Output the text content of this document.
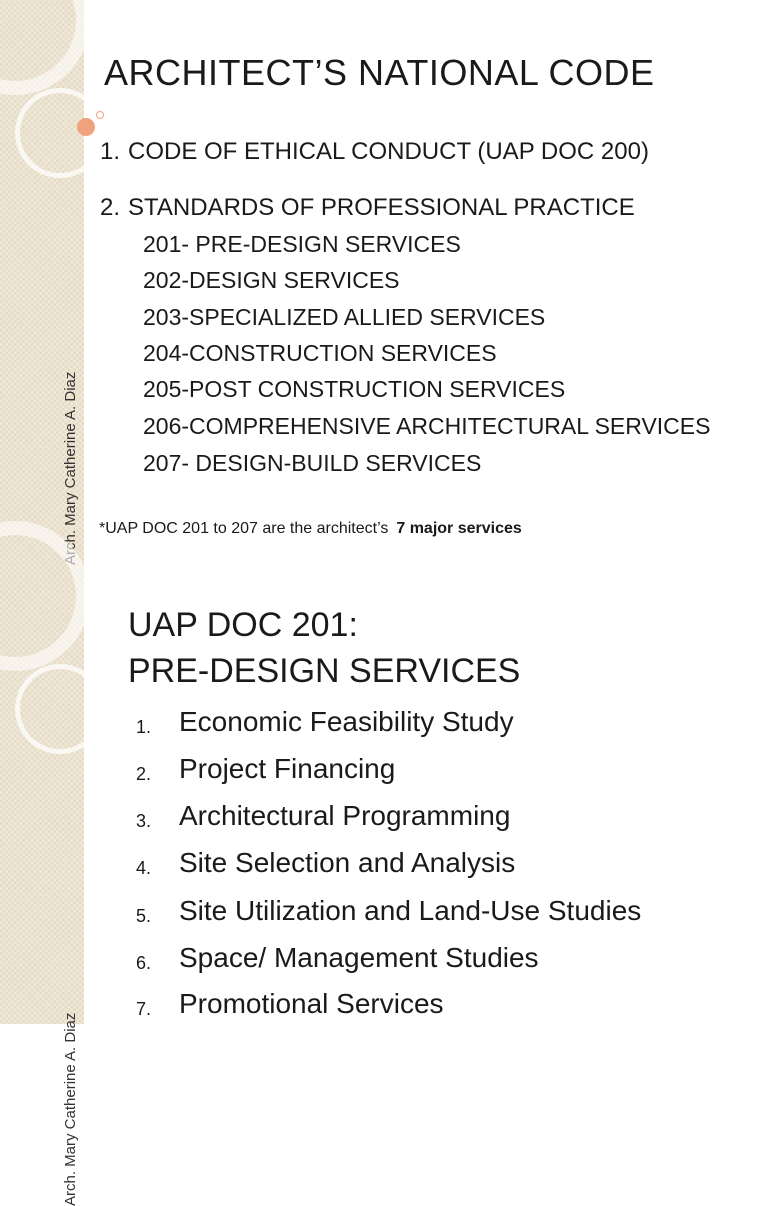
Arch. Mary Catherine A. Diaz
ARCHITECT’S NATIONAL CODE
1. CODE OF ETHICAL CONDUCT (UAP DOC 200)
2. STANDARDS OF PROFESSIONAL PRACTICE
201- PRE-DESIGN SERVICES
202-DESIGN SERVICES
203-SPECIALIZED ALLIED SERVICES
204-CONSTRUCTION SERVICES
205-POST CONSTRUCTION SERVICES
206-COMPREHENSIVE ARCHITECTURAL SERVICES
207- DESIGN-BUILD SERVICES
*UAP DOC 201 to 207 are the architect’s 7 major services
Arch. Mary Catherine A. Diaz
UAP DOC 201:
PRE-DESIGN SERVICES
1. Economic Feasibility Study
2. Project Financing
3. Architectural Programming
4. Site Selection and Analysis
5. Site Utilization and Land-Use Studies
6. Space/ Management Studies
7. Promotional Services
